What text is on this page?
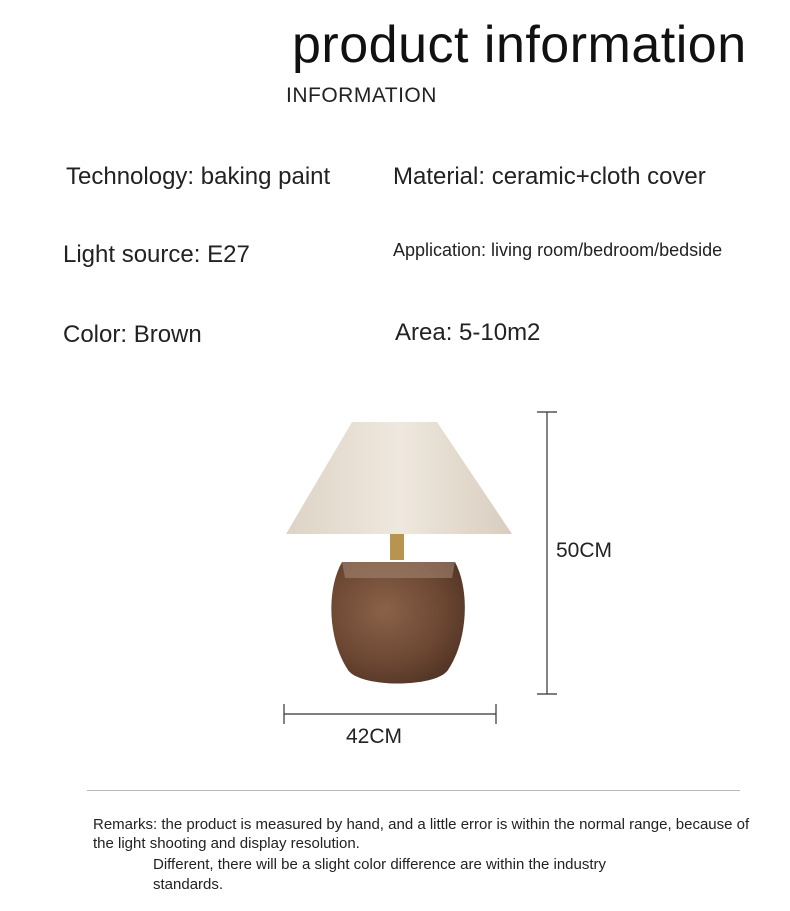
product information
INFORMATION
Technology: baking paint	Material: ceramic+cloth cover
Light source: E27	Application: living room/bedroom/bedside
Color: Brown	Area: 5-10m2
50CM
42CM
Remarks: the product is measured by hand, and a little error is within the normal range, because of
the light shooting and display resolution.
Different, there will be a slight color difference are within the industry
standards.
